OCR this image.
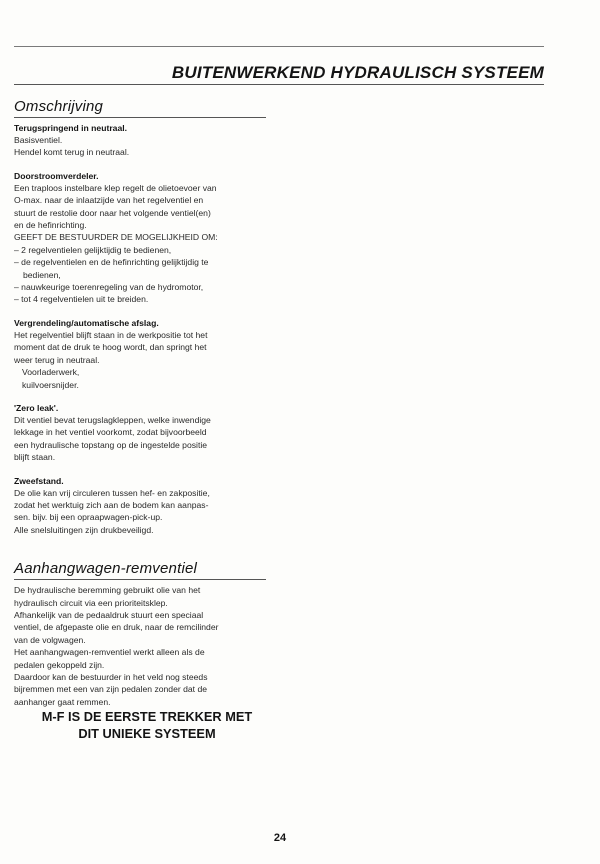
BUITENWERKEND HYDRAULISCH SYSTEEM
Omschrijving
Terugspringend in neutraal.
Basisventiel.
Hendel komt terug in neutraal.
Doorstroomverdeler.
Een traploos instelbare klep regelt de olietoevoer van
O-max. naar de inlaatzijde van het regelventiel en
stuurt de restolie door naar het volgende ventiel(en)
en de hefinrichting.
GEEFT DE BESTUURDER DE MOGELIJKHEID OM:
– 2 regelventielen gelijktijdig te bedienen,
– de regelventielen en de hefinrichting gelijktijdig te
bedienen,
– nauwkeurige toerenregeling van de hydromotor,
– tot 4 regelventielen uit te breiden.
Vergrendeling/automatische afslag.
Het regelventiel blijft staan in de werkpositie tot het
moment dat de druk te hoog wordt, dan springt het
weer terug in neutraal.
Voorladerwerk,
kuilvoersnijder.
'Zero leak'.
Dit ventiel bevat terugslagkleppen, welke inwendige
lekkage in het ventiel voorkomt, zodat bijvoorbeeld
een hydraulische topstang op de ingestelde positie
blijft staan.
Zweefstand.
De olie kan vrij circuleren tussen hef- en zakpositie,
zodat het werktuig zich aan de bodem kan aanpas-
sen. bijv. bij een opraapwagen-pick-up.
Alle snelsluitingen zijn drukbeveiligd.
Aanhangwagen-remventiel
De hydraulische beremming gebruikt olie van het
hydraulisch circuit via een prioriteitsklep.
Afhankelijk van de pedaaldruk stuurt een speciaal
ventiel, de afgepaste olie en druk, naar de remcilinder
van de volgwagen.
Het aanhangwagen-remventiel werkt alleen als de
pedalen gekoppeld zijn.
Daardoor kan de bestuurder in het veld nog steeds
bijremmen met een van zijn pedalen zonder dat de
aanhanger gaat remmen.
M-F IS DE EERSTE TREKKER MET
DIT UNIEKE SYSTEEM
24
